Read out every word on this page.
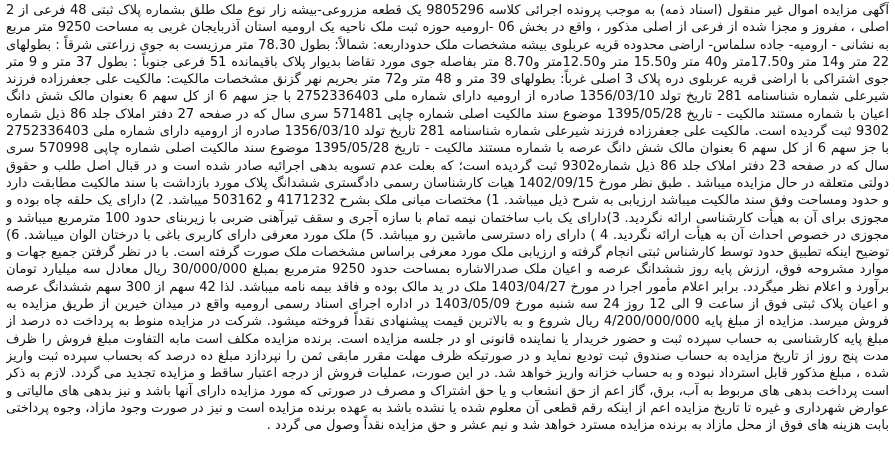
آگهی مزایده اموال غیر منقول (اسناد ذمه) به موجب پرونده اجرائی کلاسه 9805296 یک قطعه مزروعی-بیشه زار نوع ملک طلق بشماره پلاک ثبتی 48 فرعی از 2 اصلی ، مفروز و مجزا شده از فرعی از اصلی مذکور ، واقع در بخش 06 -ارومیه حوزه ثبت ملک ناحیه یک ارومیه استان آذربایجان غربی به مساحت 9250 متر مربع به نشانی - ارومیه- جاده سلماس- اراضی محدوده قریه عربلوی بیشه مشخصات ملک حدوداربعه: شمالاً: بطول 78.30 متر مرزیست به جوی زراعتی شرقاً : بطولهای 22 متر و14 متر و17.50متر و40 متر و15.50 متر و12.50متر و8.70 متر بفاصله جوی مورد تقاضا بدیوار پلاک باقیمانده 51 فرعی جنوباً : بطول 37 متر و 9 متر جوی اشتراکی با اراضی قریه عربلوی دره پلاک 3 اصلی غرباً: بطولهای 39 متر و 48 متر و72 متر بحریم نهر گزنق مشخصات مالکیت: مالکیت علی جعفرزاده فرزند شیرعلی شماره شناسنامه 281 تاریخ تولد 1356/03/10 صادره از ارومیه دارای شماره ملی 2752336403 با جز سهم 6 از کل سهم 6 بعنوان مالک شش دانگ اعیان با شماره مستند مالکیت - تاریخ 1395/05/28 موضوع سند مالکیت اصلی شماره چاپی 571481 سری سال که در صفحه 27 دفتر املاک جلد 86 ذیل شماره 9302 ثبت گردیده است. مالکیت علی جعفرزاده فرزند شیرعلی شماره شناسنامه 281 تاریخ تولد 1356/03/10 صادره از ارومیه دارای شماره ملی 2752336403 با جز سهم 6 از کل سهم 6 بعنوان مالک شش دانگ عرصه با شماره مستند مالکیت - تاریخ 1395/05/28 موضوع سند مالکیت اصلی شماره چاپی 570998 سری سال که در صفحه 23 دفتر املاک جلد 86 ذیل شماره9302 ثبت گردیده است؛ که بعلت عدم تسویه بدهی اجرائیه صادر شده است و در قبال اصل طلب و حقوق دولتی متعلقه در حال مزایده میباشد . طبق نظر مورخ 1402/09/15 هیات کارشناسان رسمی دادگستری ششدانگ پلاک مورد بازداشت با سند مالکیت مطابقت دارد و حدود ومساحت وفق سند مالکیت میباشد ارزیابی به شرح ذیل میباشد. 1) مختصات میانی ملک بشرح 4171232 و 503162 میباشد. 2) دارای یک حلقه چاه بوده و مجوزی برای آن به هیأت کارشناسی ارائه نگردید. 3)دارای یک باب ساختمان نیمه تمام با سازه آجری و سقف تیرآهنی ضربی با زیربنای حدود 100 مترمربع میباشد و مجوزی در خصوص احداث آن به هیأت ارائه نگردید. 4 ) دارای راه دسترسی ماشین رو میباشد. 5) ملک مورد معرفی دارای کاربری باغی با درختان الوان میباشد. 6) توضیح اینکه تطبیق حدود توسط کارشناس ثبتی انجام گرفته و ارزیابی ملک مورد معرفی براساس مشخصات ملک صورت گرفته است. با در نظر گرفتن جمیع جهات و موارد مشروحه فوق، ارزش پایه روز ششدانگ عرصه و اعیان ملک صدرالاشاره بمساحت حدود 9250 مترمربع بمبلغ 30/000/000 ریال معادل سه میلیارد تومان برآورد و اعلام نظر میگردد. برابر اعلام مأمور اجرا در مورخ 1403/04/27 ملک در ید مالک بوده و فاقد بیمه نامه میباشد. لذا 42 سهم از 300 سهم ششدانگ عرصه و اعیان پلاک ثبتی فوق از ساعت 9 الی 12 روز 24 سه شنبه مورخ 1403/05/09 در اداره اجرای اسناد رسمی ارومیه واقع در میدان خیرین از طریق مزایده به فروش میرسد. مزایده از مبلغ پایه 4/200/000/000 ریال شروع و به بالاترین قیمت پیشنهادی نقداً فروخته میشود. شرکت در مزایده منوط به پرداخت ده درصد از مبلغ پایه کارشناسی به حساب سپرده ثبت و حضور خریدار یا نماینده قانونی او در جلسه مزایده است. برنده مزایده مکلف است مابه التفاوت مبلغ فروش را ظرف مدت پنج روز از تاریخ مزایده به حساب صندوق ثبت تودیع نماید و در صورتیکه ظرف مهلت مقرر مابقی ثمن را نپردازد مبلغ ده درصد که بحساب سپرده ثبت واریز شده ، مبلغ مذکور قابل استرداد نبوده و به حساب خزانه واریز خواهد شد. در این صورت، عملیات فروش از درجه اعتبار ساقط و مزایده تجدید می گردد. لازم به ذکر است پرداخت بدهی های مربوط به آب، برق، گاز اعم از حق انشعاب و یا حق اشتراک و مصرف در صورتی که مورد مزایده دارای آنها باشد و نیز بدهی های مالیاتی و عوارض شهرداری و غیره تا تاریخ مزایده اعم از اینکه رقم قطعی آن معلوم شده یا نشده باشد به عهده برنده مزایده است و نیز در صورت وجود مازاد، وجوه پرداختی بابت هزینه های فوق از محل مازاد به برنده مزایده مسترد خواهد شد و نیم عشر و حق مزایده نقداً وصول می گردد .
